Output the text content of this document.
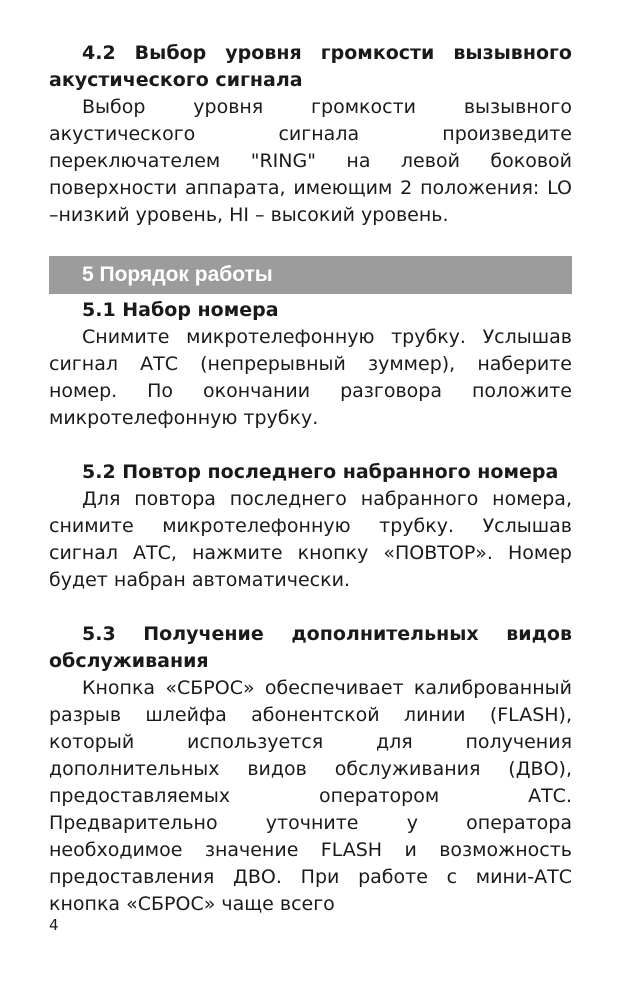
4.2 Выбор уровня громкости вызывного акустического сигнала

Выбор уровня громкости вызывного акустического сигнала произведите переключателем "RING" на левой боковой поверхности аппарата, имеющим 2 положения: LO –низкий уровень, HI – высокий уровень.

5 Порядок работы

5.1 Набор номера

Снимите микротелефонную трубку. Услышав сигнал АТС (непрерывный зуммер), наберите номер. По окончании разговора положите микротелефонную трубку.

5.2 Повтор последнего набранного номера

Для повтора последнего набранного номера, снимите микротелефонную трубку. Услышав сигнал АТС, нажмите кнопку «ПОВТОР». Номер будет набран автоматически.

5.3 Получение дополнительных видов обслуживания

Кнопка «СБРОС» обеспечивает калиброванный разрыв шлейфа абонентской линии (FLASH), который используется для получения дополнительных видов обслуживания (ДВО), предоставляемых оператором АТС. Предварительно уточните у оператора необходимое значение FLASH и возможность предоставления ДВО. При работе с мини-АТС кнопка «СБРОС» чаще всего

4
